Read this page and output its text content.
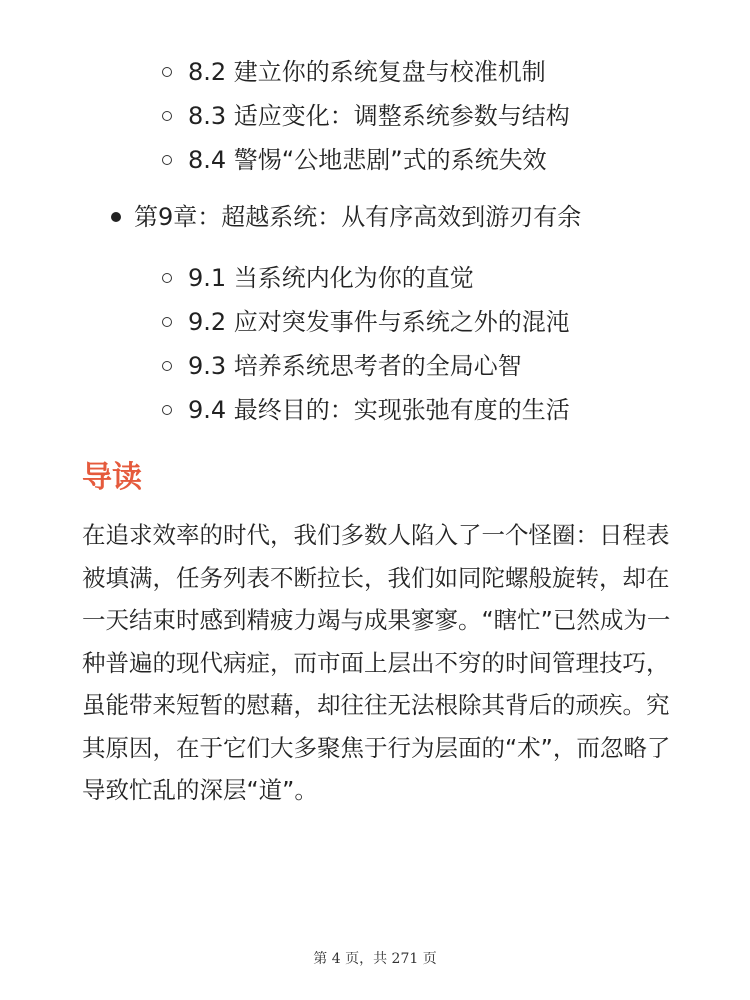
8.2 建立你的系统复盘与校准机制
8.3 适应变化：调整系统参数与结构
8.4 警惕“公地悲剧”式的系统失效
第9章：超越系统：从有序高效到游刃有余
9.1 当系统内化为你的直觉
9.2 应对突发事件与系统之外的混沌
9.3 培养系统思考者的全局心智
9.4 最终目的：实现张弛有度的生活
导读

在追求效率的时代，我们多数人陷入了一个怪圈：日程表被填满，任务列表不断拉长，我们如同陀螺般旋转，却在一天结束时感到精疲力竭与成果寥寥。“瞎忙”已然成为一种普遍的现代病症，而市面上层出不穷的时间管理技巧，虽能带来短暂的慰藉，却往往无法根除其背后的顽疾。究其原因，在于它们大多聚焦于行为层面的“术”，而忽略了导致忙乱的深层“道”。

第 4 页，共 271 页
